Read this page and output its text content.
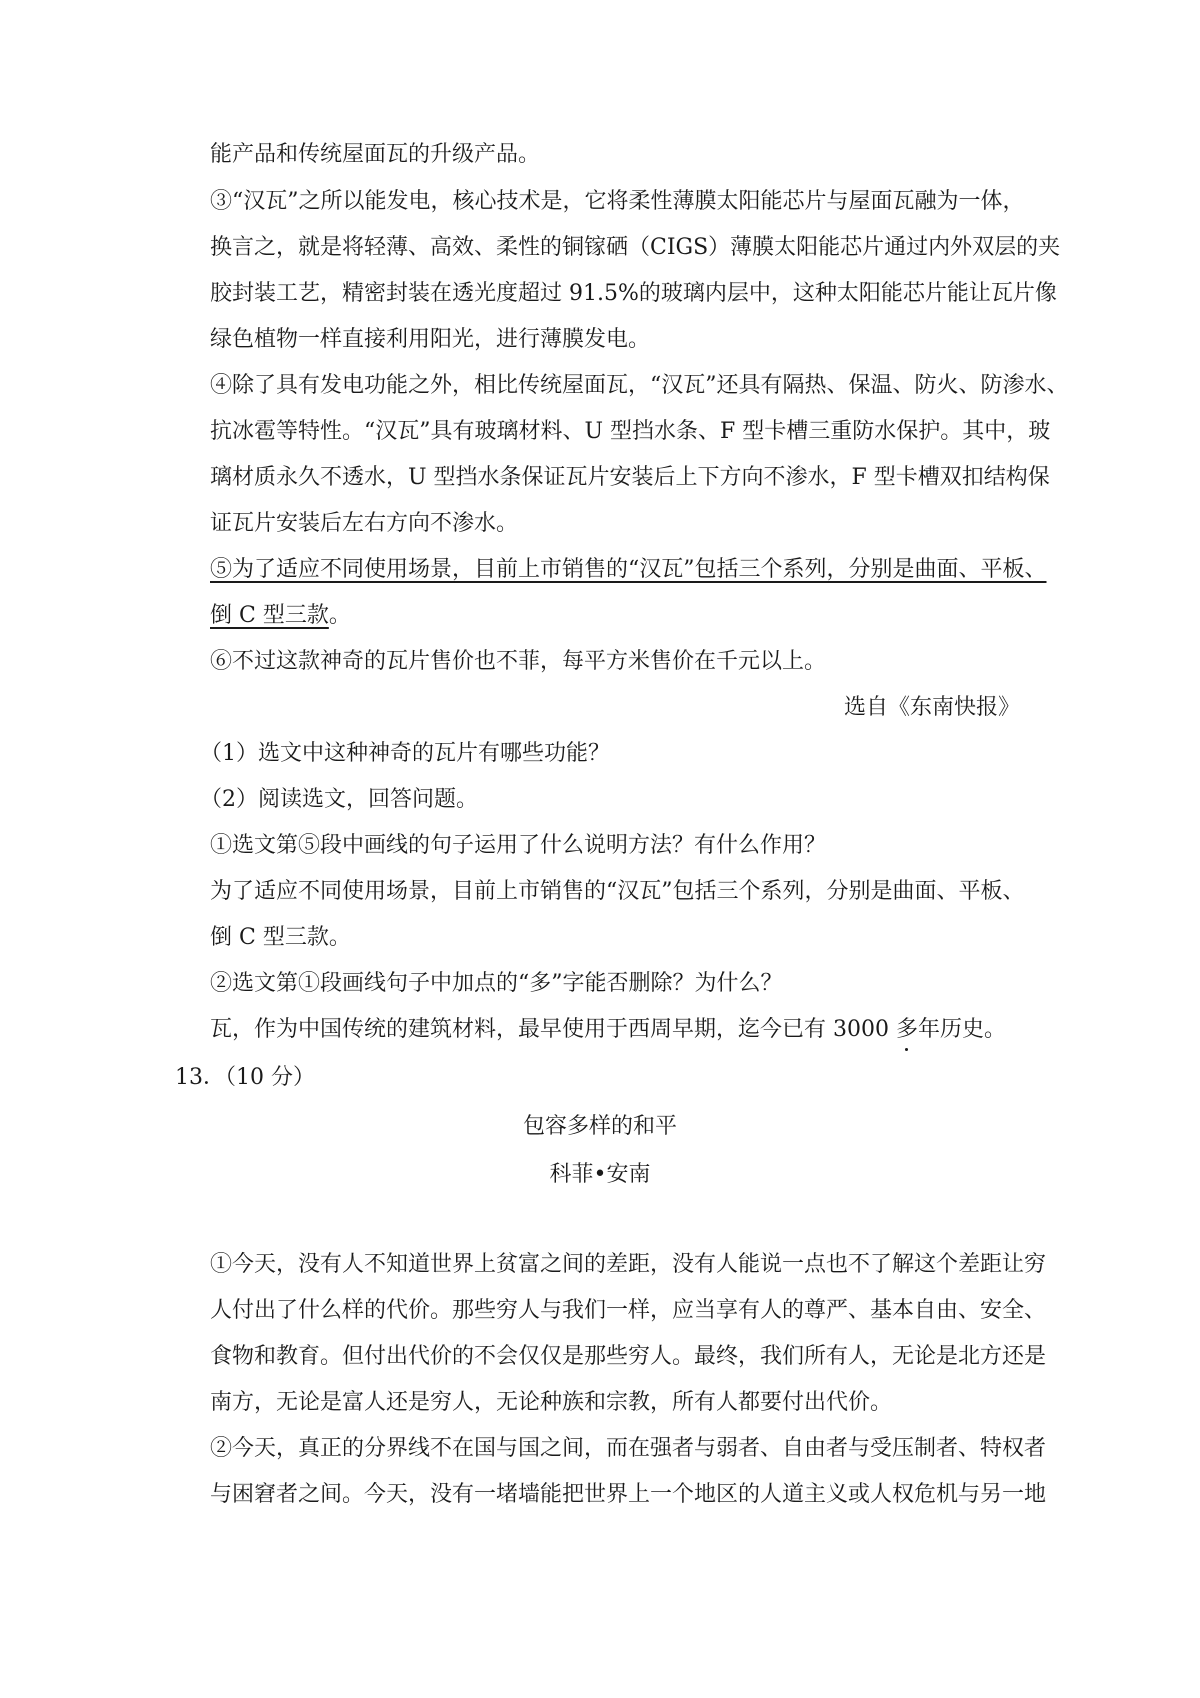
能产品和传统屋面瓦的升级产品。
③“汉瓦”之所以能发电，核心技术是，它将柔性薄膜太阳能芯片与屋面瓦融为一体，
换言之，就是将轻薄、高效、柔性的铜镓硒（CIGS）薄膜太阳能芯片通过内外双层的夹
胶封装工艺，精密封装在透光度超过 91.5%的玻璃内层中，这种太阳能芯片能让瓦片像
绿色植物一样直接利用阳光，进行薄膜发电。
④除了具有发电功能之外，相比传统屋面瓦，“汉瓦”还具有隔热、保温、防火、防渗水、
抗冰雹等特性。“汉瓦”具有玻璃材料、U 型挡水条、F 型卡槽三重防水保护。其中，玻
璃材质永久不透水，U 型挡水条保证瓦片安装后上下方向不渗水，F 型卡槽双扣结构保
证瓦片安装后左右方向不渗水。
⑤为了适应不同使用场景，目前上市销售的“汉瓦”包括三个系列，分别是曲面、平板、
倒 C 型三款。
⑥不过这款神奇的瓦片售价也不菲，每平方米售价在千元以上。
选自《东南快报》
（1）选文中这种神奇的瓦片有哪些功能？
（2）阅读选文，回答问题。
①选文第⑤段中画线的句子运用了什么说明方法？有什么作用？
为了适应不同使用场景，目前上市销售的“汉瓦”包括三个系列，分别是曲面、平板、
倒 C 型三款。
②选文第①段画线句子中加点的“多”字能否删除？为什么？
瓦，作为中国传统的建筑材料，最早使用于西周早期，迄今已有 3000 多年历史。
13．（10 分）
包容多样的和平
科菲•安南
①今天，没有人不知道世界上贫富之间的差距，没有人能说一点也不了解这个差距让穷
人付出了什么样的代价。那些穷人与我们一样，应当享有人的尊严、基本自由、安全、
食物和教育。但付出代价的不会仅仅是那些穷人。最终，我们所有人，无论是北方还是
南方，无论是富人还是穷人，无论种族和宗教，所有人都要付出代价。
②今天，真正的分界线不在国与国之间，而在强者与弱者、自由者与受压制者、特权者
与困窘者之间。今天，没有一堵墙能把世界上一个地区的人道主义或人权危机与另一地
